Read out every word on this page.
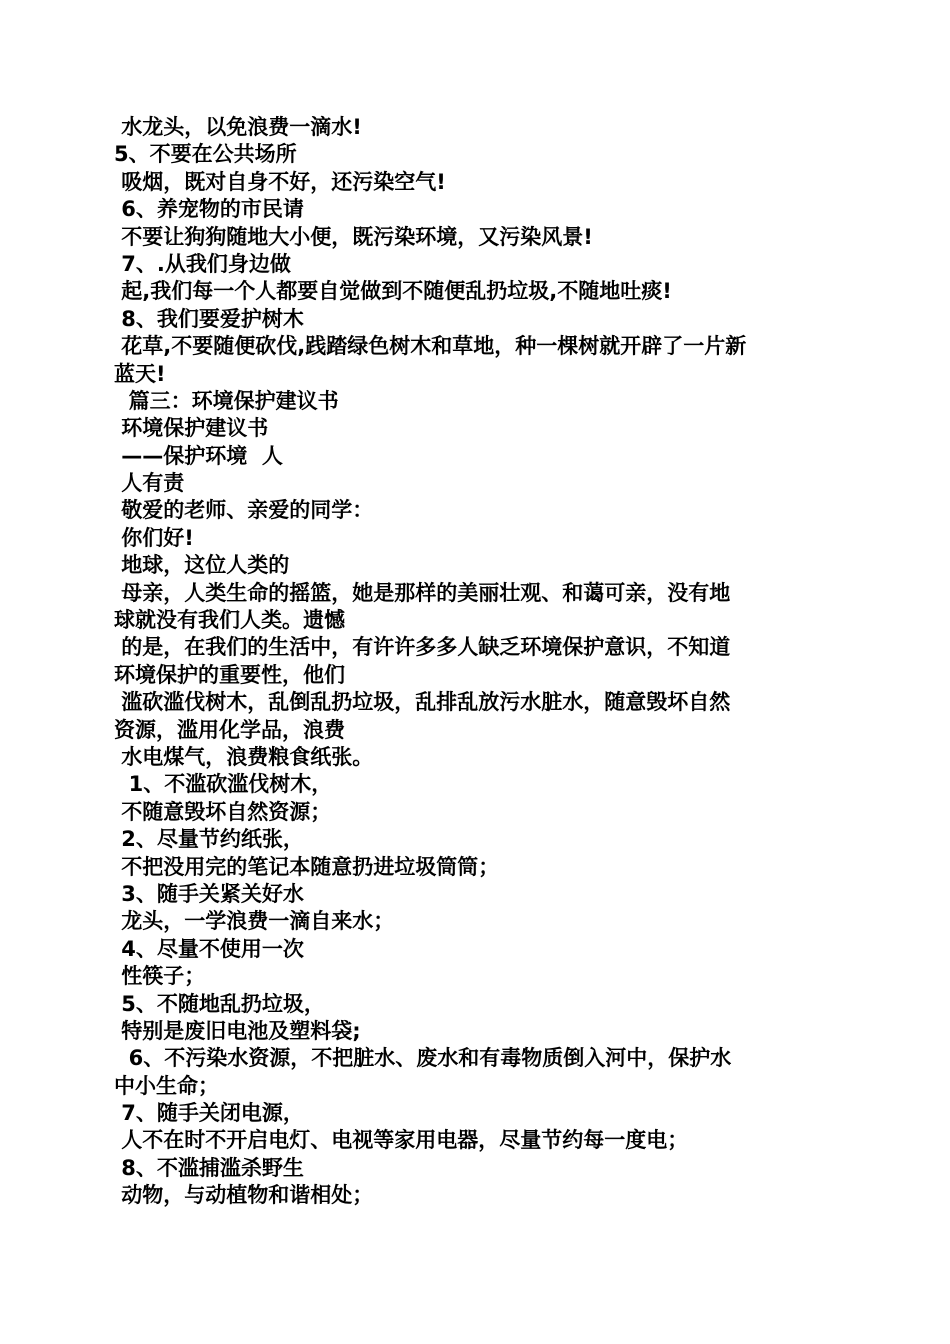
水龙头，以免浪费一滴水!
5、不要在公共场所
吸烟，既对自身不好，还污染空气!
6、养宠物的市民请
不要让狗狗随地大小便，既污染环境，又污染风景!
7、.从我们身边做
起,我们每一个人都要自觉做到不随便乱扔垃圾,不随地吐痰!
8、我们要爱护树木
花草,不要随便砍伐,践踏绿色树木和草地，种一棵树就开辟了一片新
蓝天!
篇三：环境保护建议书
环境保护建议书
——保护环境  人
人有责
敬爱的老师、亲爱的同学：
你们好!
地球，这位人类的
母亲，人类生命的摇篮，她是那样的美丽壮观、和蔼可亲，没有地
球就没有我们人类。遗憾
的是，在我们的生活中，有许许多多人缺乏环境保护意识，不知道
环境保护的重要性，他们
滥砍滥伐树木，乱倒乱扔垃圾，乱排乱放污水脏水，随意毁坏自然
资源，滥用化学品，浪费
水电煤气，浪费粮食纸张。
1、不滥砍滥伐树木，
不随意毁坏自然资源；
2、尽量节约纸张，
不把没用完的笔记本随意扔进垃圾筒筒；
3、随手关紧关好水
龙头，一学浪费一滴自来水；
4、尽量不使用一次
性筷子；
5、不随地乱扔垃圾，
特别是废旧电池及塑料袋;
6、不污染水资源，不把脏水、废水和有毒物质倒入河中，保护水
中小生命；
7、随手关闭电源，
人不在时不开启电灯、电视等家用电器，尽量节约每一度电；
8、不滥捕滥杀野生
动物，与动植物和谐相处；
